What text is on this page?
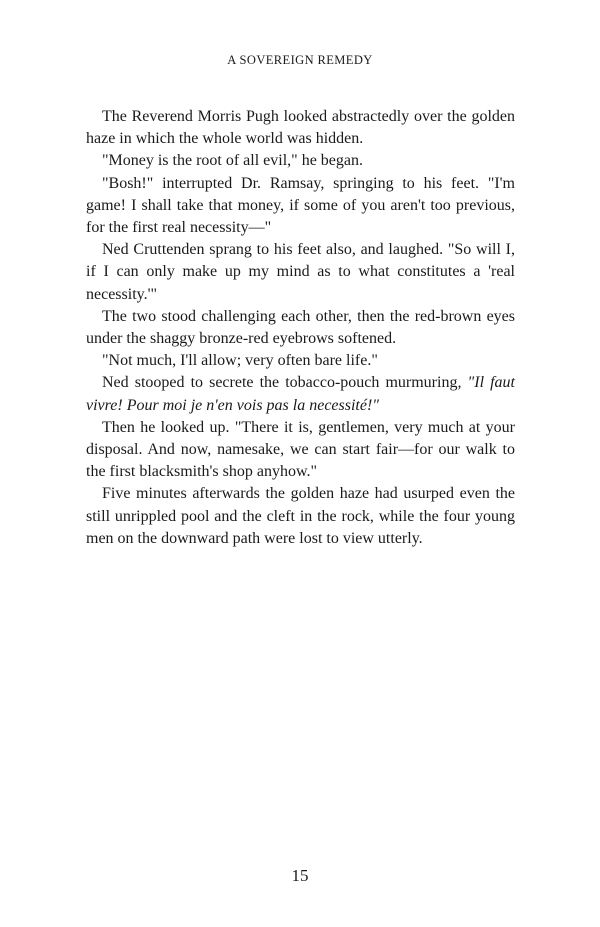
A SOVEREIGN REMEDY

The Reverend Morris Pugh looked abstractedly over the golden haze in which the whole world was hidden.

"Money is the root of all evil," he began.

"Bosh!" interrupted Dr. Ramsay, springing to his feet. "I'm game! I shall take that money, if some of you aren't too previous, for the first real necessity—"

Ned Cruttenden sprang to his feet also, and laughed. "So will I, if I can only make up my mind as to what constitutes a 'real necessity.'"

The two stood challenging each other, then the red-brown eyes under the shaggy bronze-red eyebrows softened.

"Not much, I'll allow; very often bare life."

Ned stooped to secrete the tobacco-pouch murmuring, "Il faut vivre! Pour moi je n'en vois pas la necessité!"

Then he looked up. "There it is, gentlemen, very much at your disposal. And now, namesake, we can start fair—for our walk to the first blacksmith's shop anyhow."

Five minutes afterwards the golden haze had usurped even the still unrippled pool and the cleft in the rock, while the four young men on the downward path were lost to view utterly.

15
